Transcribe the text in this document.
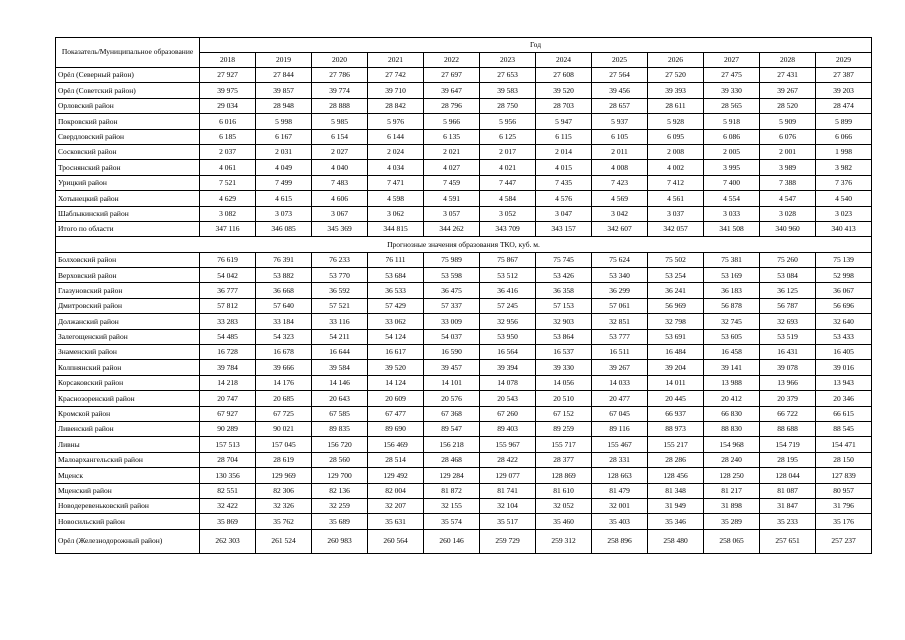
Показатель/Муниципальное образование	Год											
	2018	2019	2020	2021	2022	2023	2024	2025	2026	2027	2028	2029
Орёл (Северный район)	27 927	27 844	27 786	27 742	27 697	27 653	27 608	27 564	27 520	27 475	27 431	27 387
Орёл (Советский район)	39 975	39 857	39 774	39 710	39 647	39 583	39 520	39 456	39 393	39 330	39 267	39 203
Орловский район	29 034	28 948	28 888	28 842	28 796	28 750	28 703	28 657	28 611	28 565	28 520	28 474
Покровский район	6 016	5 998	5 985	5 976	5 966	5 956	5 947	5 937	5 928	5 918	5 909	5 899
Свердловский район	6 185	6 167	6 154	6 144	6 135	6 125	6 115	6 105	6 095	6 086	6 076	6 066
Сосковский район	2 037	2 031	2 027	2 024	2 021	2 017	2 014	2 011	2 008	2 005	2 001	1 998
Троснянский район	4 061	4 049	4 040	4 034	4 027	4 021	4 015	4 008	4 002	3 995	3 989	3 982
Урицкий район	7 521	7 499	7 483	7 471	7 459	7 447	7 435	7 423	7 412	7 400	7 388	7 376
Хотынецкий район	4 629	4 615	4 606	4 598	4 591	4 584	4 576	4 569	4 561	4 554	4 547	4 540
Шаблыкинский район	3 082	3 073	3 067	3 062	3 057	3 052	3 047	3 042	3 037	3 033	3 028	3 023
Итого по области	347 116	346 085	345 369	344 815	344 262	343 709	343 157	342 607	342 057	341 508	340 960	340 413
Прогнозные значения образования ТКО, куб. м.												
Болховский район	76 619	76 391	76 233	76 111	75 989	75 867	75 745	75 624	75 502	75 381	75 260	75 139
Верховский район	54 042	53 882	53 770	53 684	53 598	53 512	53 426	53 340	53 254	53 169	53 084	52 998
Глазуновский район	36 777	36 668	36 592	36 533	36 475	36 416	36 358	36 299	36 241	36 183	36 125	36 067
Дмитровский район	57 812	57 640	57 521	57 429	57 337	57 245	57 153	57 061	56 969	56 878	56 787	56 696
Должанский район	33 283	33 184	33 116	33 062	33 009	32 956	32 903	32 851	32 798	32 745	32 693	32 640
Залегощенский район	54 485	54 323	54 211	54 124	54 037	53 950	53 864	53 777	53 691	53 605	53 519	53 433
Знаменский район	16 728	16 678	16 644	16 617	16 590	16 564	16 537	16 511	16 484	16 458	16 431	16 405
Колпнянский район	39 784	39 666	39 584	39 520	39 457	39 394	39 330	39 267	39 204	39 141	39 078	39 016
Корсаковский район	14 218	14 176	14 146	14 124	14 101	14 078	14 056	14 033	14 011	13 988	13 966	13 943
Краснозоренский район	20 747	20 685	20 643	20 609	20 576	20 543	20 510	20 477	20 445	20 412	20 379	20 346
Кромской район	67 927	67 725	67 585	67 477	67 368	67 260	67 152	67 045	66 937	66 830	66 722	66 615
Ливенский район	90 289	90 021	89 835	89 690	89 547	89 403	89 259	89 116	88 973	88 830	88 688	88 545
Ливны	157 513	157 045	156 720	156 469	156 218	155 967	155 717	155 467	155 217	154 968	154 719	154 471
Малоархангельский район	28 704	28 619	28 560	28 514	28 468	28 422	28 377	28 331	28 286	28 240	28 195	28 150
Мценск	130 356	129 969	129 700	129 492	129 284	129 077	128 869	128 663	128 456	128 250	128 044	127 839
Мценский район	82 551	82 306	82 136	82 004	81 872	81 741	81 610	81 479	81 348	81 217	81 087	80 957
Новодеревеньковский район	32 422	32 326	32 259	32 207	32 155	32 104	32 052	32 001	31 949	31 898	31 847	31 796
Новосильский район	35 869	35 762	35 689	35 631	35 574	35 517	35 460	35 403	35 346	35 289	35 233	35 176
Орёл (Железнодорожный район)	262 303	261 524	260 983	260 564	260 146	259 729	259 312	258 896	258 480	258 065	257 651	257 237
